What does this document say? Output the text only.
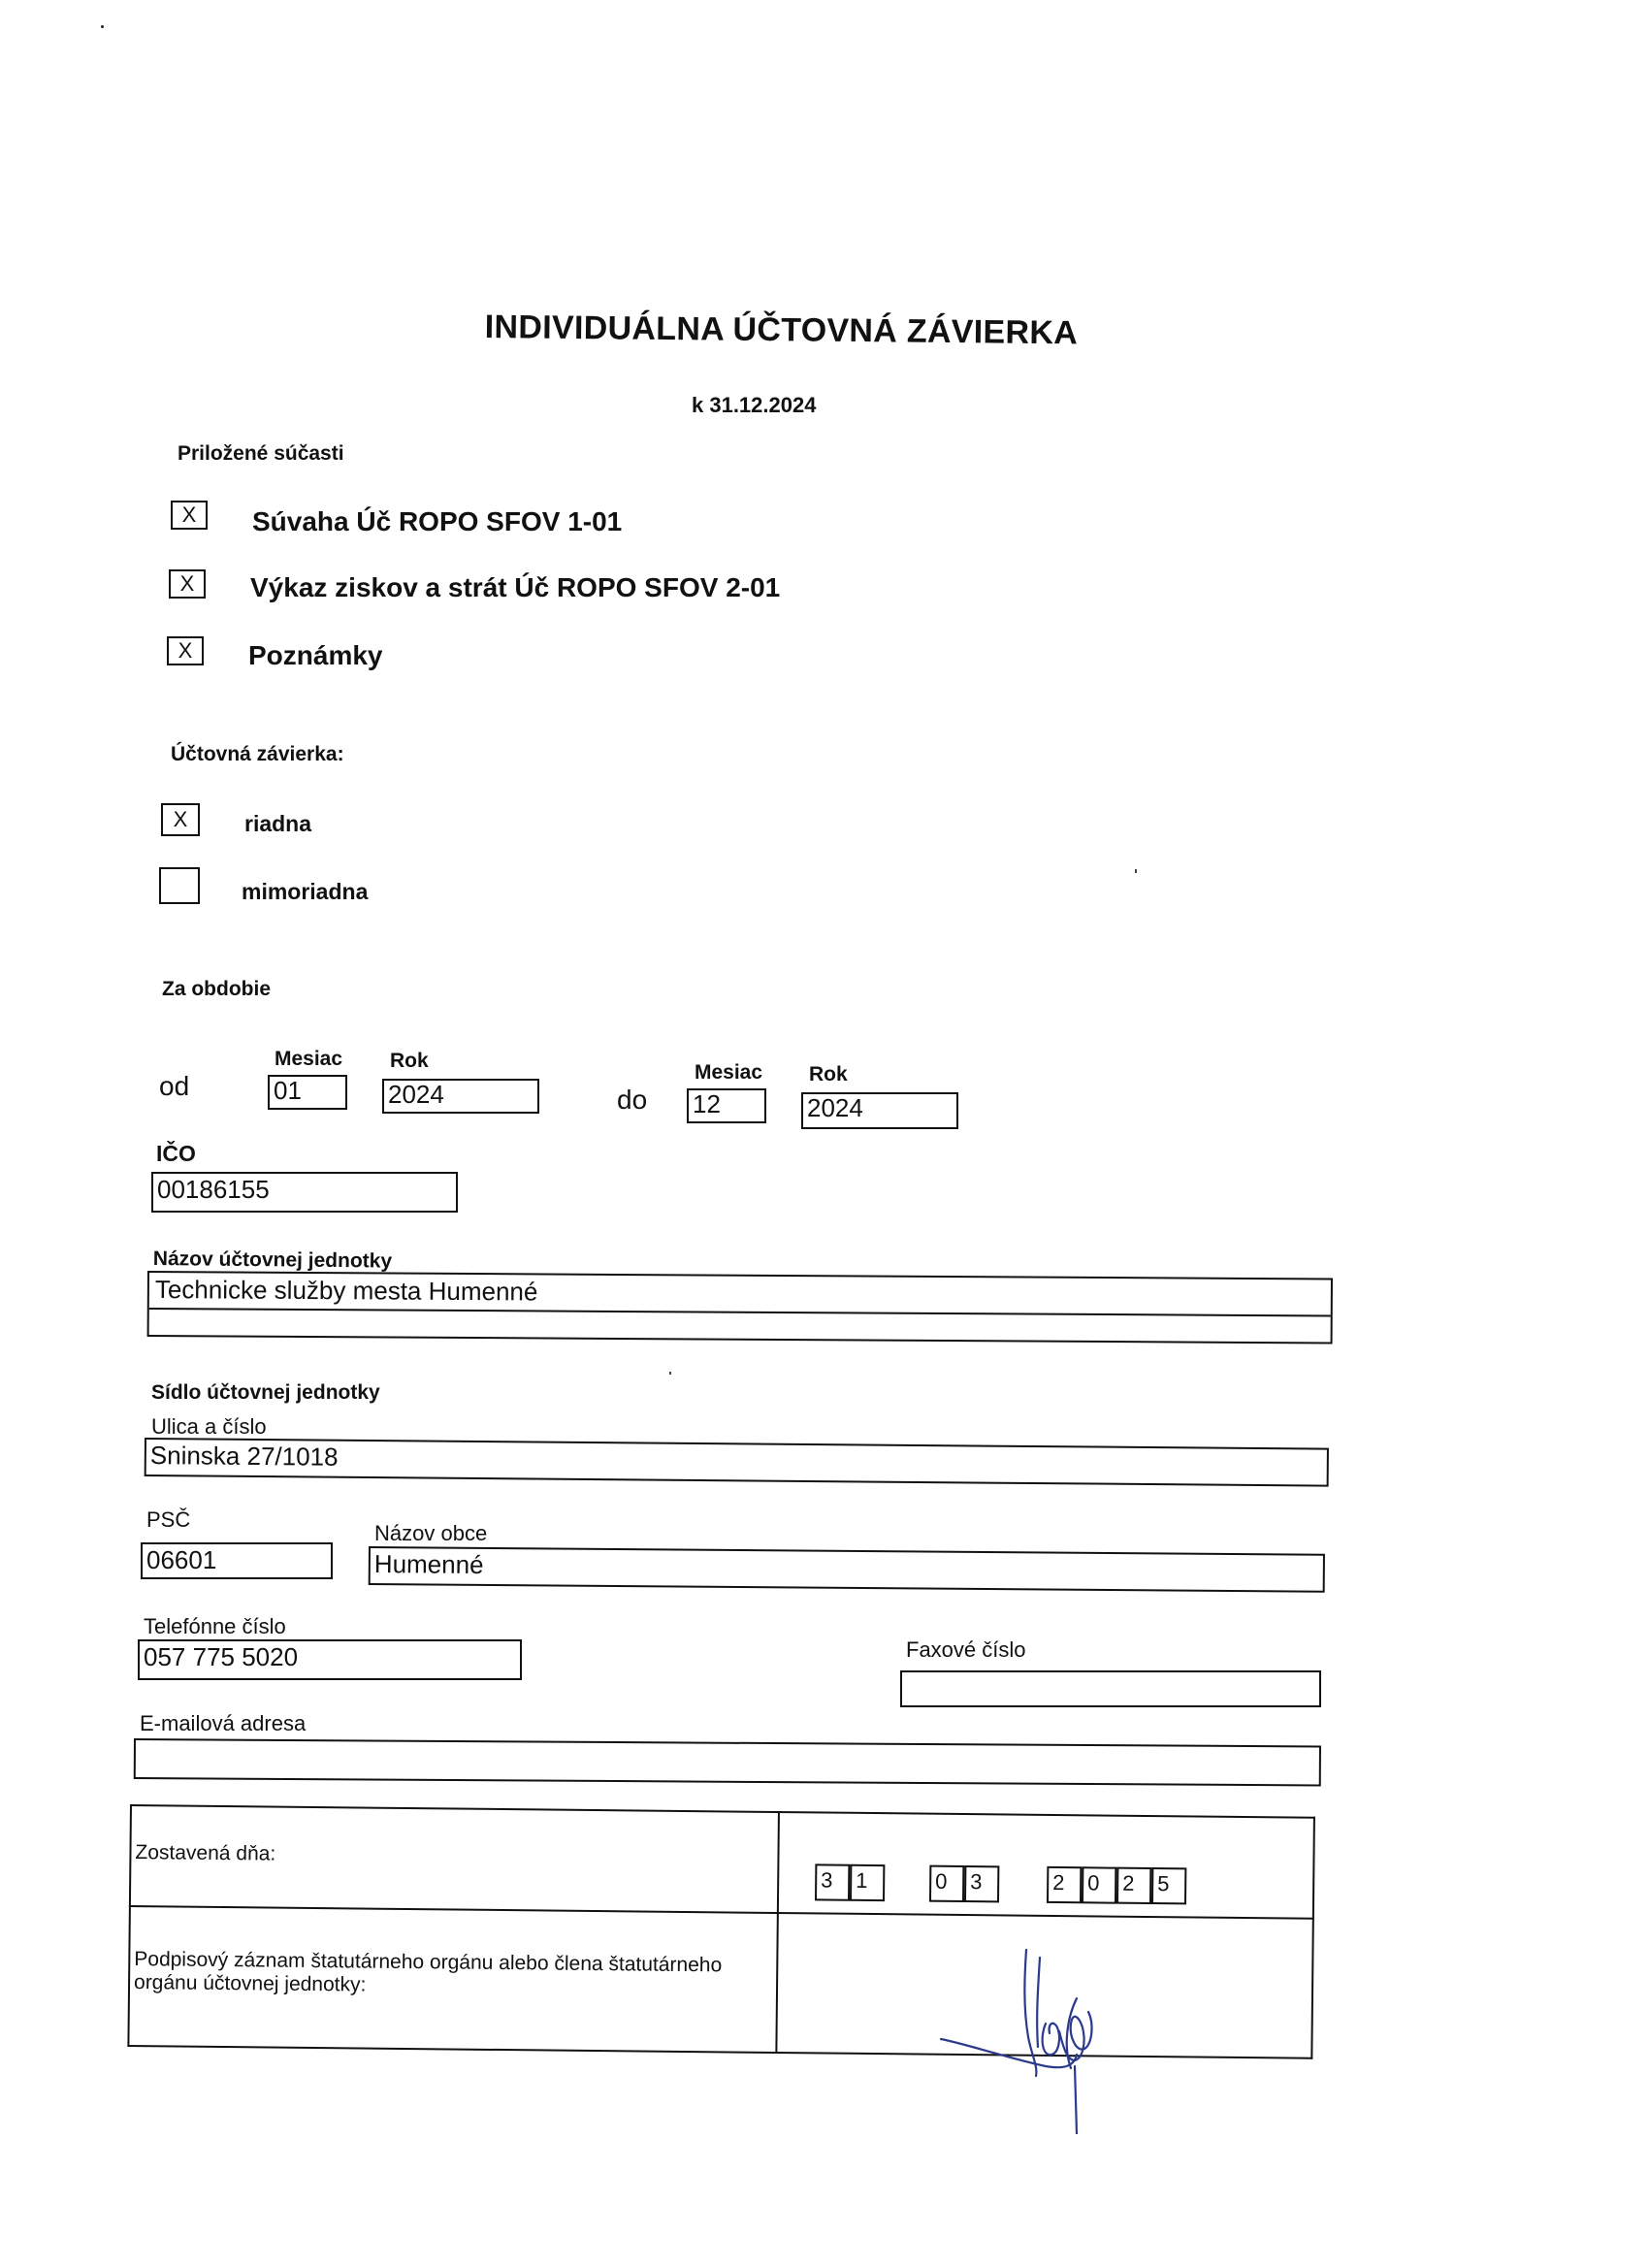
INDIVIDUÁLNA ÚČTOVNÁ ZÁVIERKA
k 31.12.2024
Priložené súčasti
X	Súvaha Úč ROPO SFOV 1-01
X	Výkaz ziskov a strát Úč ROPO SFOV 2-01
X	Poznámky
Účtovná závierka:
X	riadna
mimoriadna
Za obdobie
Mesiac Rok
od	01	2024
Mesiac Rok
do 12	2024
IČO
00186155
Názov účtovnej jednotky
Technicke služby mesta Humenné
Sídlo účtovnej jednotky
Ulica a číslo
Sninska 27/1018
PSČ
06601
Názov obce
Humenné
Telefónne číslo
057 775 5020	Faxové číslo
E-mailová adresa
Zostavená dňa:
3	1	0	3	2	0	2	5
Podpisový záznam štatutárneho orgánu alebo člena štatutárneho
orgánu účtovnej jednotky:
